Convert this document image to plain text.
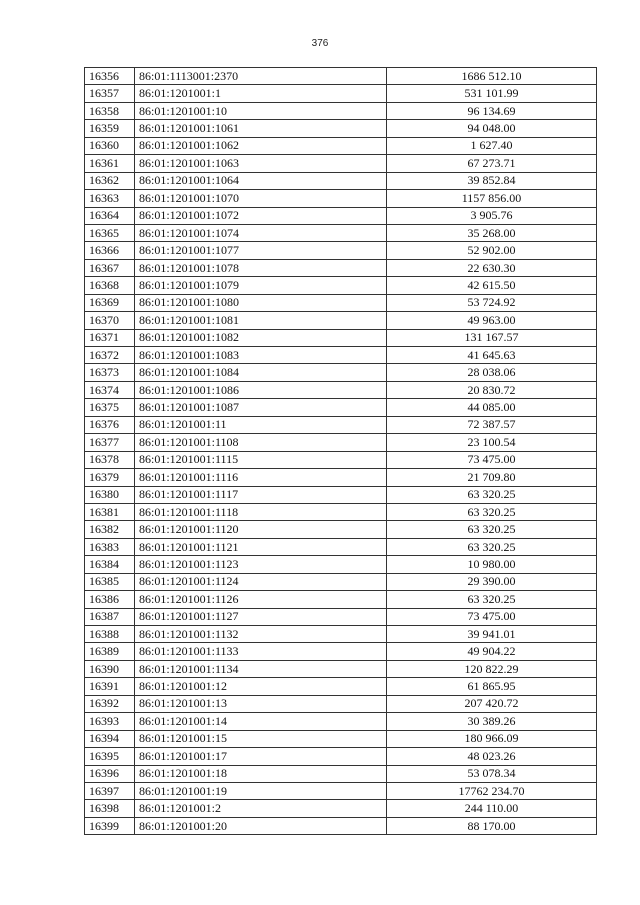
376
16356	86:01:1113001:2370	1686 512.10
16357	86:01:1201001:1	531 101.99
16358	86:01:1201001:10	96 134.69
16359	86:01:1201001:1061	94 048.00
16360	86:01:1201001:1062	1 627.40
16361	86:01:1201001:1063	67 273.71
16362	86:01:1201001:1064	39 852.84
16363	86:01:1201001:1070	1157 856.00
16364	86:01:1201001:1072	3 905.76
16365	86:01:1201001:1074	35 268.00
16366	86:01:1201001:1077	52 902.00
16367	86:01:1201001:1078	22 630.30
16368	86:01:1201001:1079	42 615.50
16369	86:01:1201001:1080	53 724.92
16370	86:01:1201001:1081	49 963.00
16371	86:01:1201001:1082	131 167.57
16372	86:01:1201001:1083	41 645.63
16373	86:01:1201001:1084	28 038.06
16374	86:01:1201001:1086	20 830.72
16375	86:01:1201001:1087	44 085.00
16376	86:01:1201001:11	72 387.57
16377	86:01:1201001:1108	23 100.54
16378	86:01:1201001:1115	73 475.00
16379	86:01:1201001:1116	21 709.80
16380	86:01:1201001:1117	63 320.25
16381	86:01:1201001:1118	63 320.25
16382	86:01:1201001:1120	63 320.25
16383	86:01:1201001:1121	63 320.25
16384	86:01:1201001:1123	10 980.00
16385	86:01:1201001:1124	29 390.00
16386	86:01:1201001:1126	63 320.25
16387	86:01:1201001:1127	73 475.00
16388	86:01:1201001:1132	39 941.01
16389	86:01:1201001:1133	49 904.22
16390	86:01:1201001:1134	120 822.29
16391	86:01:1201001:12	61 865.95
16392	86:01:1201001:13	207 420.72
16393	86:01:1201001:14	30 389.26
16394	86:01:1201001:15	180 966.09
16395	86:01:1201001:17	48 023.26
16396	86:01:1201001:18	53 078.34
16397	86:01:1201001:19	17762 234.70
16398	86:01:1201001:2	244 110.00
16399	86:01:1201001:20	88 170.00
